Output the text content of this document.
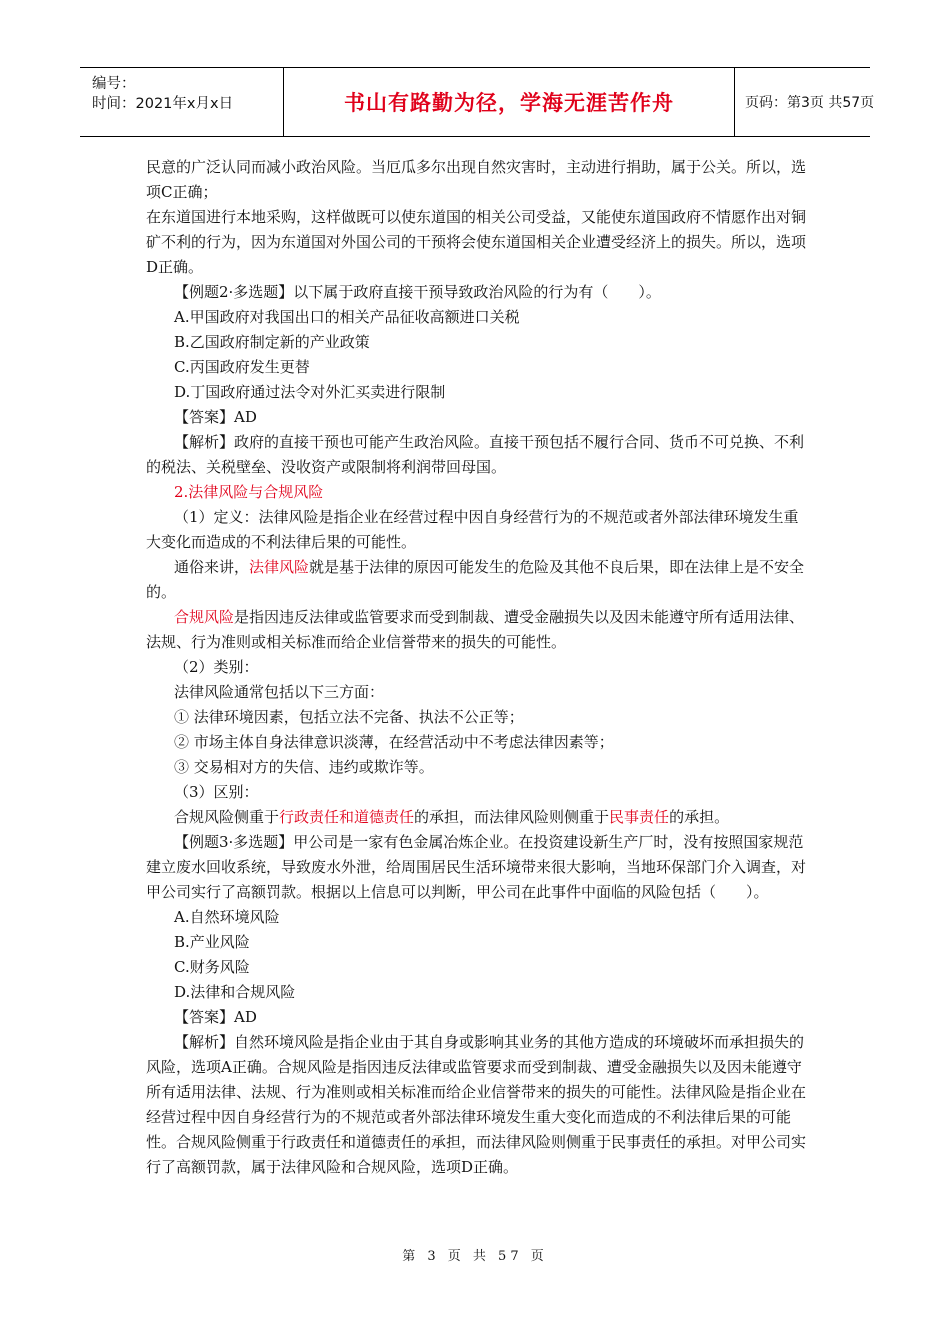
编号：
时间：2021年x月x日	书山有路勤为径，学海无涯苦作舟	页码：第3页 共57页

民意的广泛认同而减小政治风险。当厄瓜多尔出现自然灾害时，主动进行捐助，属于公关。所以，选项C正确；

在东道国进行本地采购，这样做既可以使东道国的相关公司受益，又能使东道国政府不情愿作出对铜矿不利的行为，因为东道国对外国公司的干预将会使东道国相关企业遭受经济上的损失。所以，选项D正确。

【例题2·多选题】以下属于政府直接干预导致政治风险的行为有（　　）。

A.甲国政府对我国出口的相关产品征收高额进口关税

B.乙国政府制定新的产业政策

C.丙国政府发生更替

D.丁国政府通过法令对外汇买卖进行限制

【答案】AD

【解析】政府的直接干预也可能产生政治风险。直接干预包括不履行合同、货币不可兑换、不利的税法、关税壁垒、没收资产或限制将利润带回母国。

2.法律风险与合规风险

（1）定义：法律风险是指企业在经营过程中因自身经营行为的不规范或者外部法律环境发生重大变化而造成的不利法律后果的可能性。

通俗来讲，法律风险就是基于法律的原因可能发生的危险及其他不良后果，即在法律上是不安全的。

合规风险是指因违反法律或监管要求而受到制裁、遭受金融损失以及因未能遵守所有适用法律、法规、行为准则或相关标准而给企业信誉带来的损失的可能性。

（2）类别：

法律风险通常包括以下三方面：

① 法律环境因素，包括立法不完备、执法不公正等；

② 市场主体自身法律意识淡薄，在经营活动中不考虑法律因素等；

③ 交易相对方的失信、违约或欺诈等。

（3）区别：

合规风险侧重于行政责任和道德责任的承担，而法律风险则侧重于民事责任的承担。

【例题3·多选题】甲公司是一家有色金属冶炼企业。在投资建设新生产厂时，没有按照国家规范建立废水回收系统，导致废水外泄，给周围居民生活环境带来很大影响，当地环保部门介入调查，对甲公司实行了高额罚款。根据以上信息可以判断，甲公司在此事件中面临的风险包括（　　）。

A.自然环境风险

B.产业风险

C.财务风险

D.法律和合规风险

【答案】AD

【解析】自然环境风险是指企业由于其自身或影响其业务的其他方造成的环境破坏而承担损失的风险，选项A正确。合规风险是指因违反法律或监管要求而受到制裁、遭受金融损失以及因未能遵守所有适用法律、法规、行为准则或相关标准而给企业信誉带来的损失的可能性。法律风险是指企业在经营过程中因自身经营行为的不规范或者外部法律环境发生重大变化而造成的不利法律后果的可能性。合规风险侧重于行政责任和道德责任的承担，而法律风险则侧重于民事责任的承担。对甲公司实行了高额罚款，属于法律风险和合规风险，选项D正确。

第 3 页 共 57 页
